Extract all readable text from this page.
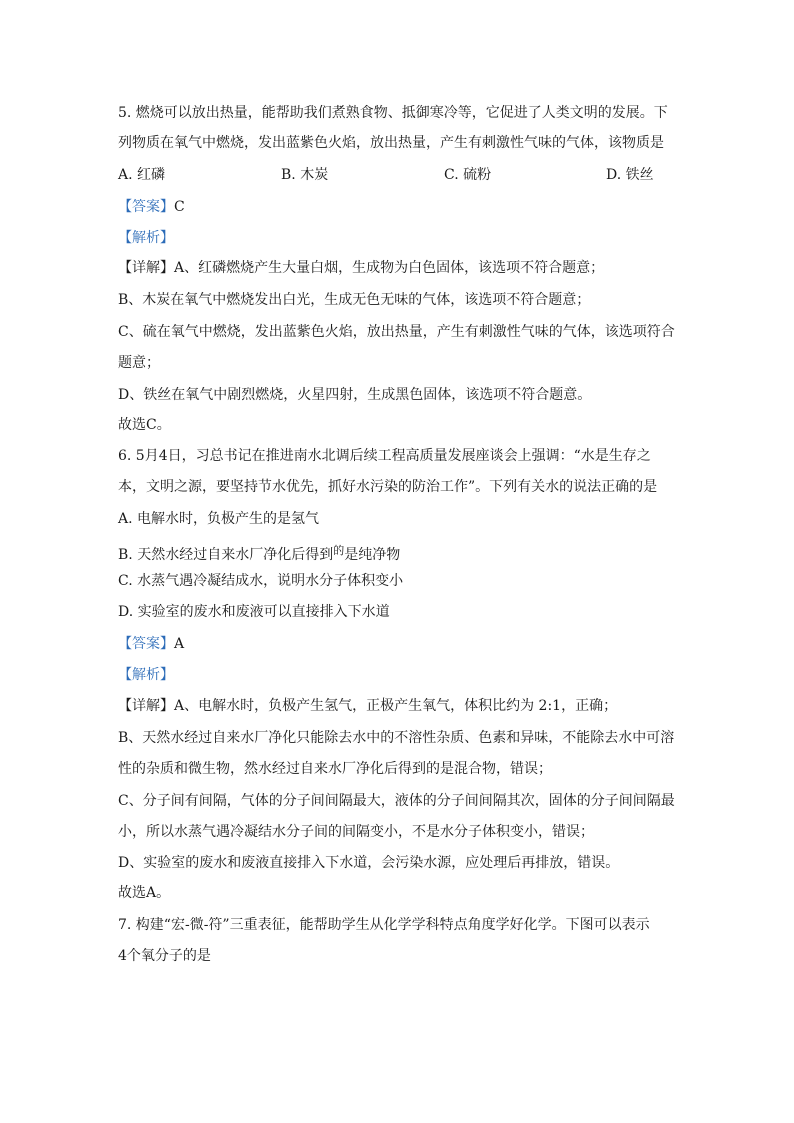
5. 燃烧可以放出热量，能帮助我们煮熟食物、抵御寒冷等，它促进了人类文明的发展。下
列物质在氧气中燃烧，发出蓝紫色火焰，放出热量，产生有刺激性气味的气体，该物质是
A. 红磷	B. 木炭	C. 硫粉	D. 铁丝
【答案】C
【解析】
【详解】A、红磷燃烧产生大量白烟，生成物为白色固体，该选项不符合题意；
B、木炭在氧气中燃烧发出白光，生成无色无味的气体，该选项不符合题意；
C、硫在氧气中燃烧，发出蓝紫色火焰，放出热量，产生有刺激性气味的气体，该选项符合
题意；
D、铁丝在氧气中剧烈燃烧，火星四射，生成黑色固体，该选项不符合题意。
故选C。
6. 5月4日，习总书记在推进南水北调后续工程高质量发展座谈会上强调：“水是生存之
本，文明之源，要坚持节水优先，抓好水污染的防治工作”。下列有关水的说法正确的是
A. 电解水时，负极产生的是氢气
B. 天然水经过自来水厂净化后得到$^的$是纯净物
C. 水蒸气遇冷凝结成水，说明水分子体积变小
D. 实验室的废水和废液可以直接排入下水道
【答案】A
【解析】
【详解】A、电解水时，负极产生氢气，正极产生氧气，体积比约为 2:1，正确；
B、天然水经过自来水厂净化只能除去水中的不溶性杂质、色素和异味，不能除去水中可溶
性的杂质和微生物，然水经过自来水厂净化后得到的是混合物，错误；
C、分子间有间隔，气体的分子间间隔最大，液体的分子间间隔其次，固体的分子间间隔最
小，所以水蒸气遇冷凝结水分子间的间隔变小，不是水分子体积变小，错误；
D、实验室的废水和废液直接排入下水道，会污染水源，应处理后再排放，错误。
故选A。
7. 构建“宏-微-符”三重表征，能帮助学生从化学学科特点角度学好化学。下图可以表示
4个氧分子的是
